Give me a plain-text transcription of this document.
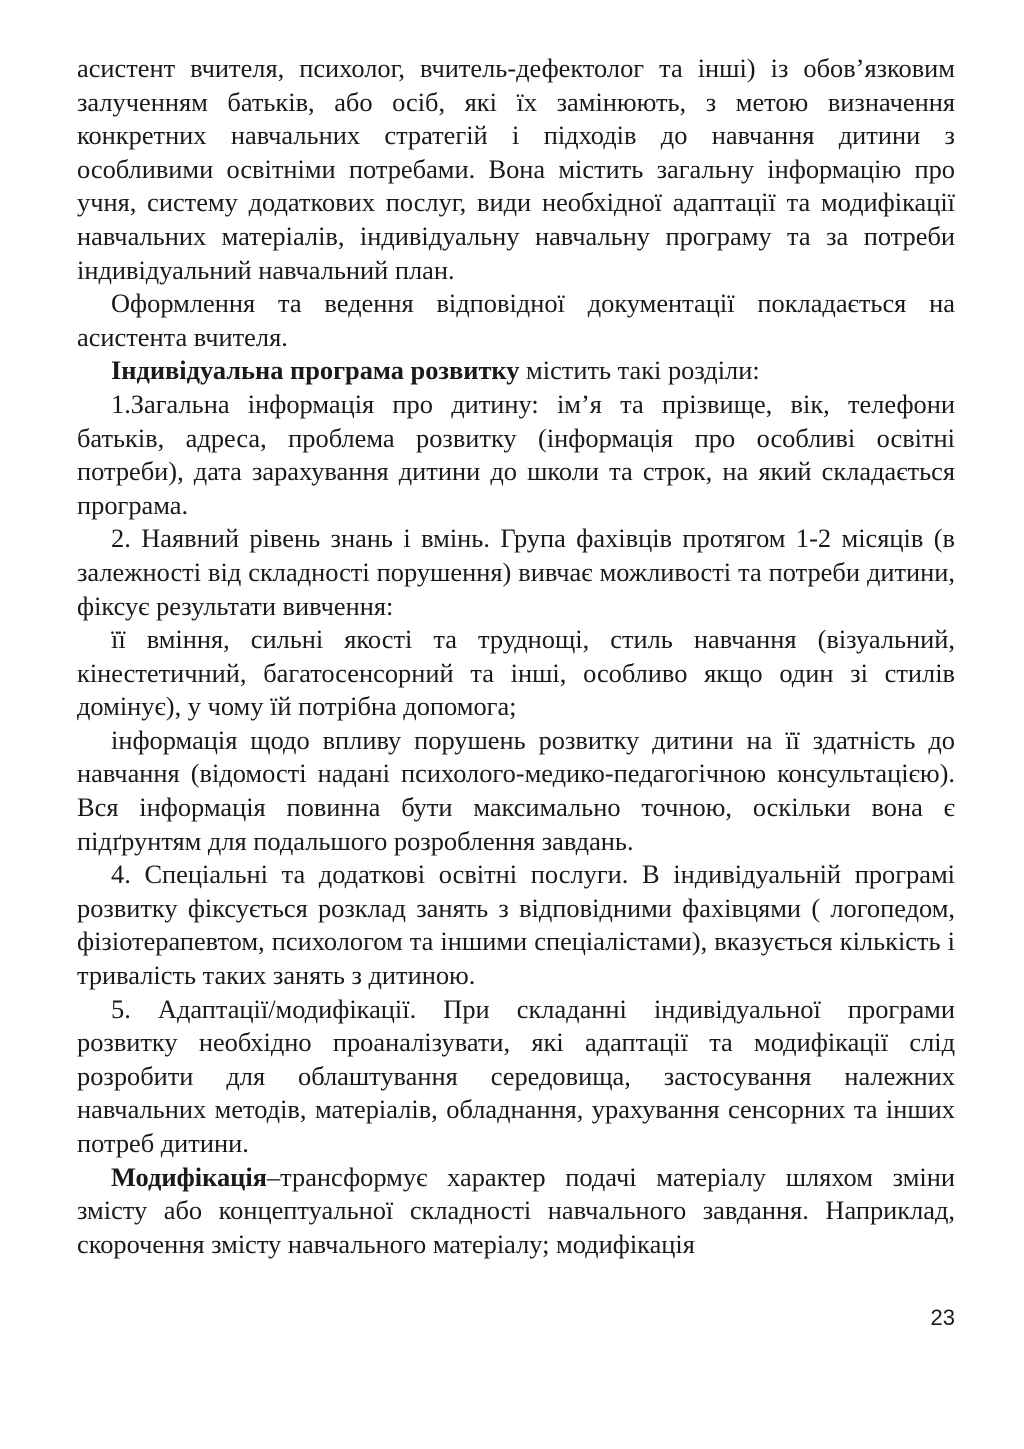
асистент вчителя, психолог, вчитель-дефектолог та інші) із обов’язковим залученням батьків, або осіб, які їх замінюють, з метою визначення конкретних навчальних стратегій і підходів до навчання дитини з особливими освітніми потребами. Вона містить загальну інформацію про учня, систему додаткових послуг, види необхідної адаптації та модифікації навчальних матеріалів, індивідуальну навчальну програму та за потреби індивідуальний навчальний план.

Оформлення та ведення відповідної документації покладається на асистента вчителя.

Індивідуальна програма розвитку містить такі розділи:

1.Загальна інформація про дитину: ім’я та прізвище, вік, телефони батьків, адреса, проблема розвитку (інформація про особливі освітні потреби), дата зарахування дитини до школи та строк, на який складається програма.

2. Наявний рівень знань і вмінь. Група фахівців протягом 1-2 місяців (в залежності від складності порушення) вивчає можливості та потреби дитини, фіксує результати вивчення:

її вміння, сильні якості та труднощі, стиль навчання (візуальний, кінестетичний, багатосенсорний та інші, особливо якщо один зі стилів домінує), у чому їй потрібна допомога;

інформація щодо впливу порушень розвитку дитини на її здатність до навчання (відомості надані психолого-медико-педагогічною консультацією). Вся інформація повинна бути максимально точною, оскільки вона є підґрунтям для подальшого розроблення завдань.

4. Спеціальні та додаткові освітні послуги. В індивідуальній програмі розвитку фіксується розклад занять з відповідними фахівцями ( логопедом, фізіотерапевтом, психологом та іншими спеціалістами), вказується кількість і тривалість таких занять з дитиною.

5. Адаптації/модифікації. При складанні індивідуальної програми розвитку необхідно проаналізувати, які адаптації та модифікації слід розробити для облаштування середовища, застосування належних навчальних методів, матеріалів, обладнання, урахування сенсорних та інших потреб дитини.

Модифікація–трансформує характер подачі матеріалу шляхом зміни змісту або концептуальної складності навчального завдання. Наприклад, скорочення змісту навчального матеріалу; модифікація

23
